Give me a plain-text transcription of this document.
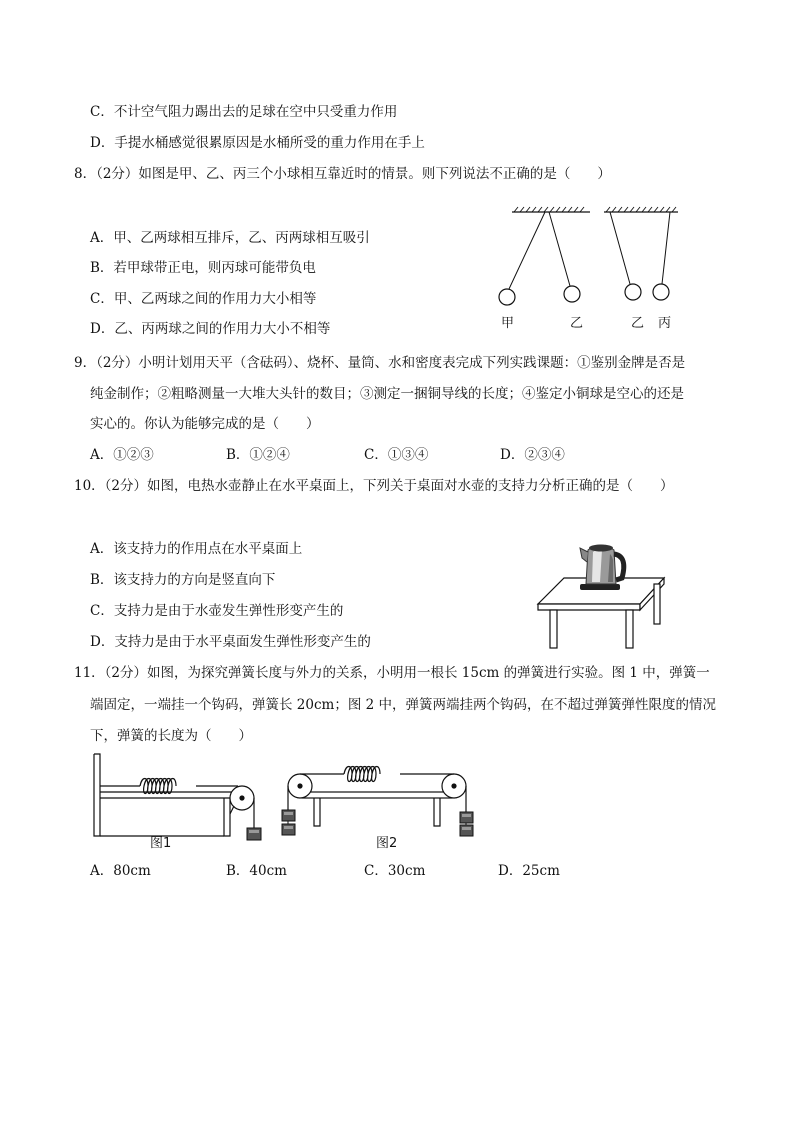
C．不计空气阻力踢出去的足球在空中只受重力作用
D．手提水桶感觉很累原因是水桶所受的重力作用在手上
8．（2分）如图是甲、乙、丙三个小球相互靠近时的情景。则下列说法不正确的是（　　）
A．甲、乙两球相互排斥，乙、丙两球相互吸引
B．若甲球带正电，则丙球可能带负电
C．甲、乙两球之间的作用力大小相等
D．乙、丙两球之间的作用力大小不相等	甲	乙	乙 丙
9．（2分）小明计划用天平（含砝码）、烧杯、量筒、水和密度表完成下列实践课题：①鉴别金牌是否是
纯金制作；②粗略测量一大堆大头针的数目；③测定一捆铜导线的长度；④鉴定小铜球是空心的还是
实心的。你认为能够完成的是（　　）
A．①②③	B．①②④	C．①③④	D．②③④
10．（2分）如图，电热水壶静止在水平桌面上，下列关于桌面对水壶的支持力分析正确的是（　　）
A．该支持力的作用点在水平桌面上
B．该支持力的方向是竖直向下
C．支持力是由于水壶发生弹性形变产生的
D．支持力是由于水平桌面发生弹性形变产生的
11．（2分）如图，为探究弹簧长度与外力的关系，小明用一根长 15cm 的弹簧进行实验。图 1 中，弹簧一
端固定，一端挂一个钩码，弹簧长 20cm；图 2 中，弹簧两端挂两个钩码，在不超过弹簧弹性限度的情况
下，弹簧的长度为（　　）
图1	图2
A．80cm	B．40cm	C．30cm	D．25cm
